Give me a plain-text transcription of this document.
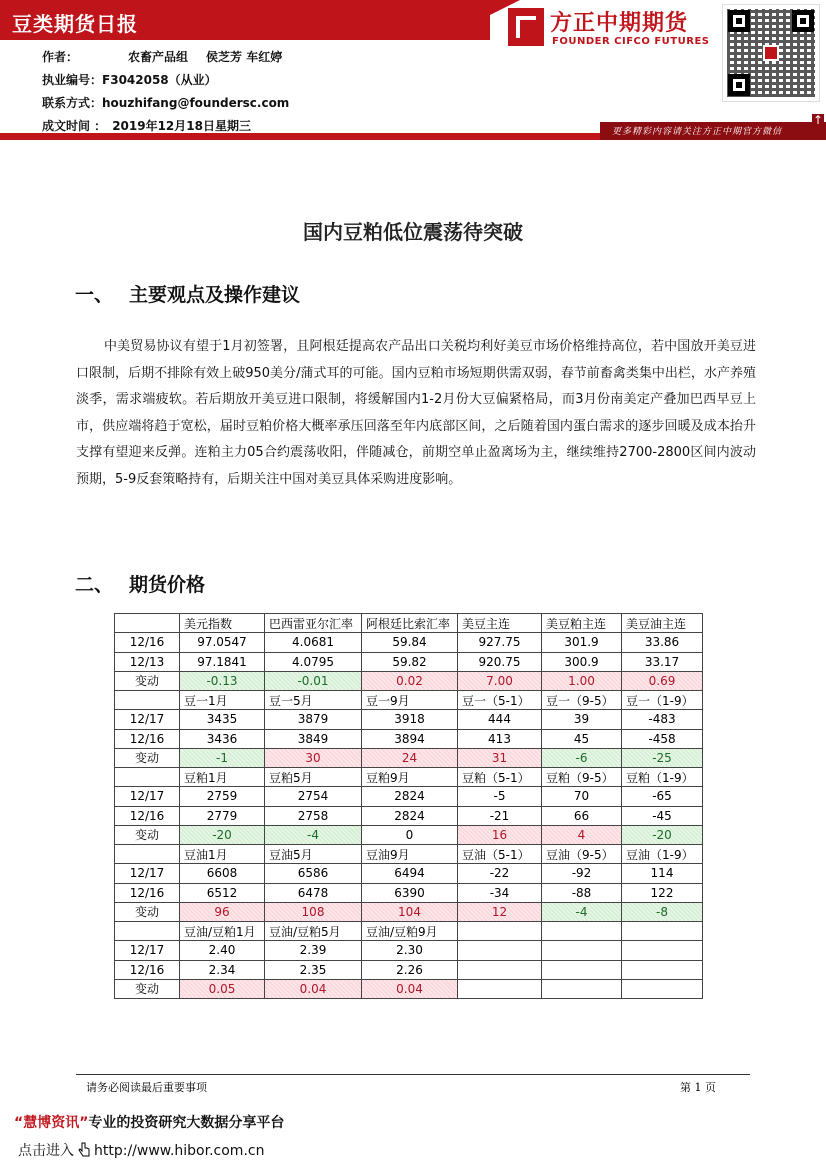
豆类期货日报
作者：	农畜产品组 侯芝芳 车红婷
执业编号：F3042058（从业）
联系方式：houzhifang@foundersc.com
成文时间 ： 2019年12月18日星期三
方正中期期货
FOUNDER CIFCO FUTURES
更多精彩内容请关注方正中期官方微信
↑
国内豆粕低位震荡待突破
一、 主要观点及操作建议
中美贸易协议有望于1月初签署，且阿根廷提高农产品出口关税均利好美豆市场价格维持高位，若中国放开美豆进口限制，后期不排除有效上破950美分/蒲式耳的可能。国内豆粕市场短期供需双弱，春节前畜禽类集中出栏，水产养殖淡季，需求端疲软。若后期放开美豆进口限制，将缓解国内1-2月份大豆偏紧格局，而3月份南美定产叠加巴西早豆上市，供应端将趋于宽松，届时豆粕价格大概率承压回落至年内底部区间，之后随着国内蛋白需求的逐步回暖及成本抬升支撑有望迎来反弹。连粕主力05合约震荡收阳，伴随减仓，前期空单止盈离场为主，继续维持2700-2800区间内波动预期，5-9反套策略持有，后期关注中国对美豆具体采购进度影响。
二、 期货价格
	美元指数	巴西雷亚尔汇率	阿根廷比索汇率	美豆主连	美豆粕主连	美豆油主连
12/16	97.0547	4.0681	59.84	927.75	301.9	33.86
12/13	97.1841	4.0795	59.82	920.75	300.9	33.17
变动	-0.13	-0.01	0.02	7.00	1.00	0.69
	豆一1月	豆一5月	豆一9月	豆一（5-1）	豆一（9-5）	豆一（1-9）
12/17	3435	3879	3918	444	39	-483
12/16	3436	3849	3894	413	45	-458
变动	-1	30	24	31	-6	-25
	豆粕1月	豆粕5月	豆粕9月	豆粕（5-1）	豆粕（9-5）	豆粕（1-9）
12/17	2759	2754	2824	-5	70	-65
12/16	2779	2758	2824	-21	66	-45
变动	-20	-4	0	16	4	-20
	豆油1月	豆油5月	豆油9月	豆油（5-1）	豆油（9-5）	豆油（1-9）
12/17	6608	6586	6494	-22	-92	114
12/16	6512	6478	6390	-34	-88	122
变动	96	108	104	12	-4	-8
	豆油/豆粕1月	豆油/豆粕5月	豆油/豆粕9月			
12/17	2.40	2.39	2.30			
12/16	2.34	2.35	2.26			
变动	0.05	0.04	0.04			
请务必阅读最后重要事项	第 1 页
“慧博资讯”专业的投资研究大数据分享平台
点击进入 http://www.hibor.com.cn
